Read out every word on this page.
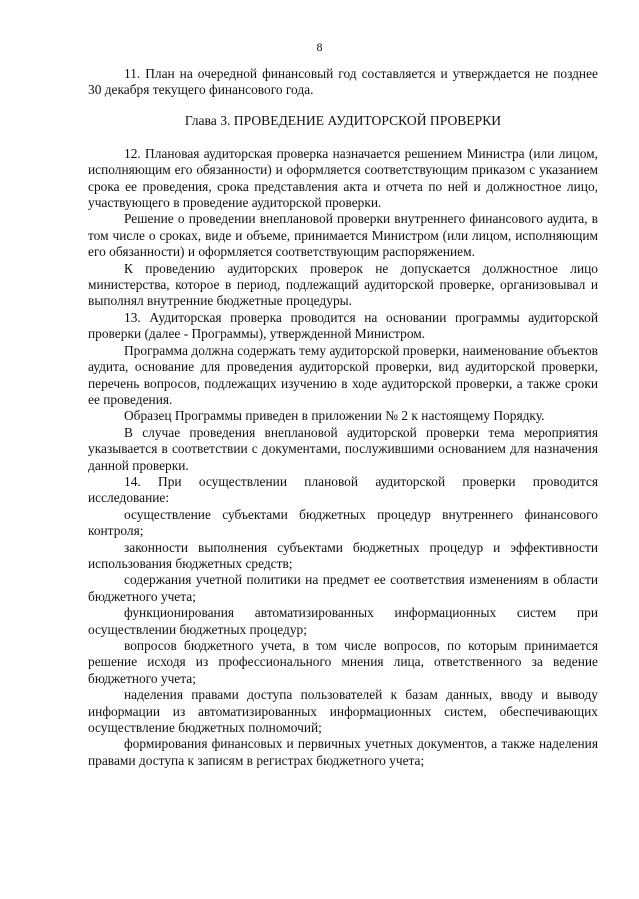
8

11. План на очередной финансовый год составляется и утверждается не позднее 30 декабря текущего финансового года.

Глава 3. ПРОВЕДЕНИЕ АУДИТОРСКОЙ ПРОВЕРКИ

12. Плановая аудиторская проверка назначается решением Министра (или лицом, исполняющим его обязанности) и оформляется соответствующим приказом с указанием срока ее проведения, срока представления акта и отчета по ней и должностное лицо, участвующего в проведение аудиторской проверки.

Решение о проведении внеплановой проверки внутреннего финансового аудита, в том числе о сроках, виде и объеме, принимается Министром (или лицом, исполняющим его обязанности) и оформляется соответствующим распоряжением.

К проведению аудиторских проверок не допускается должностное лицо министерства, которое в период, подлежащий аудиторской проверке, организовывал и выполнял внутренние бюджетные процедуры.

13. Аудиторская проверка проводится на основании программы аудиторской проверки (далее - Программы), утвержденной Министром.

Программа должна содержать тему аудиторской проверки, наименование объектов аудита, основание для проведения аудиторской проверки, вид аудиторской проверки, перечень вопросов, подлежащих изучению в ходе аудиторской проверки, а также сроки ее проведения.

Образец Программы приведен в приложении № 2 к настоящему Порядку.

В случае проведения внеплановой аудиторской проверки тема мероприятия указывается в соответствии с документами, послужившими основанием для назначения данной проверки.

14. При осуществлении плановой аудиторской проверки проводится исследование:

осуществление субъектами бюджетных процедур внутреннего финансового контроля;

законности выполнения субъектами бюджетных процедур и эффективности использования бюджетных средств;

содержания учетной политики на предмет ее соответствия изменениям в области бюджетного учета;

функционирования автоматизированных информационных систем при осуществлении бюджетных процедур;

вопросов бюджетного учета, в том числе вопросов, по которым принимается решение исходя из профессионального мнения лица, ответственного за ведение бюджетного учета;

наделения правами доступа пользователей к базам данных, вводу и выводу информации из автоматизированных информационных систем, обеспечивающих осуществление бюджетных полномочий;

формирования финансовых и первичных учетных документов, а также наделения правами доступа к записям в регистрах бюджетного учета;
